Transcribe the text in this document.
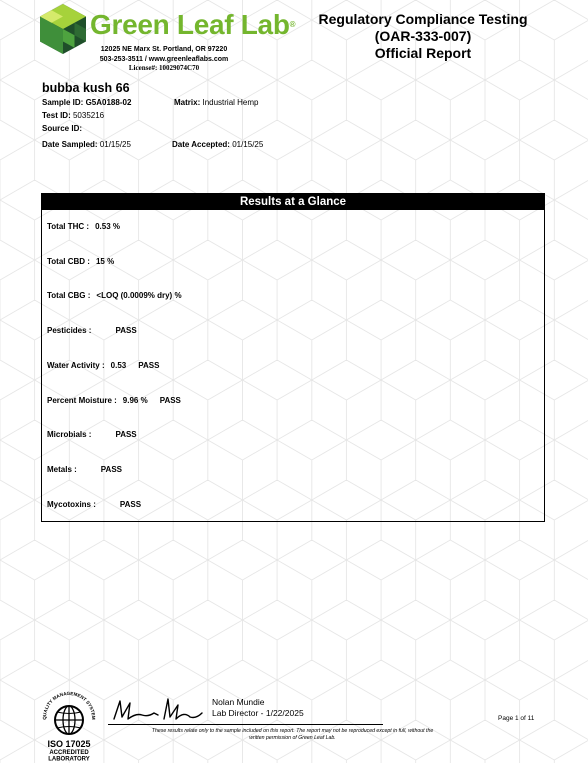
Green Leaf Lab®
12025 NE Marx St. Portland, OR 97220
503-253-3511 / www.greenleaflabs.com
License#: 10029074C70
Regulatory Compliance Testing
(OAR-333-007)
Official Report
bubba kush 66
Sample ID: G5A0188-02	Matrix: Industrial Hemp
Test ID: 5035216
Source ID:
Date Sampled: 01/15/25	Date Accepted: 01/15/25
Results at a Glance
Total THC : 0.53 %
Total CBD : 15 %
Total CBG : <LOQ (0.0009% dry) %
Pesticides :	PASS
Water Activity : 0.53 PASS
Percent Moisture : 9.96 % PASS
Microbials :	PASS
Metals :	PASS
Mycotoxins :	PASS
QUALITY MANAGEMENT SYSTEM
ISO 17025
ACCREDITED
LABORATORY
Nolan Mundie
Lab Director - 1/22/2025
These results relate only to the sample included on this report. The report may not be reproduced except in full, without the
written permission of Green Leaf Lab.
Page 1 of 11
